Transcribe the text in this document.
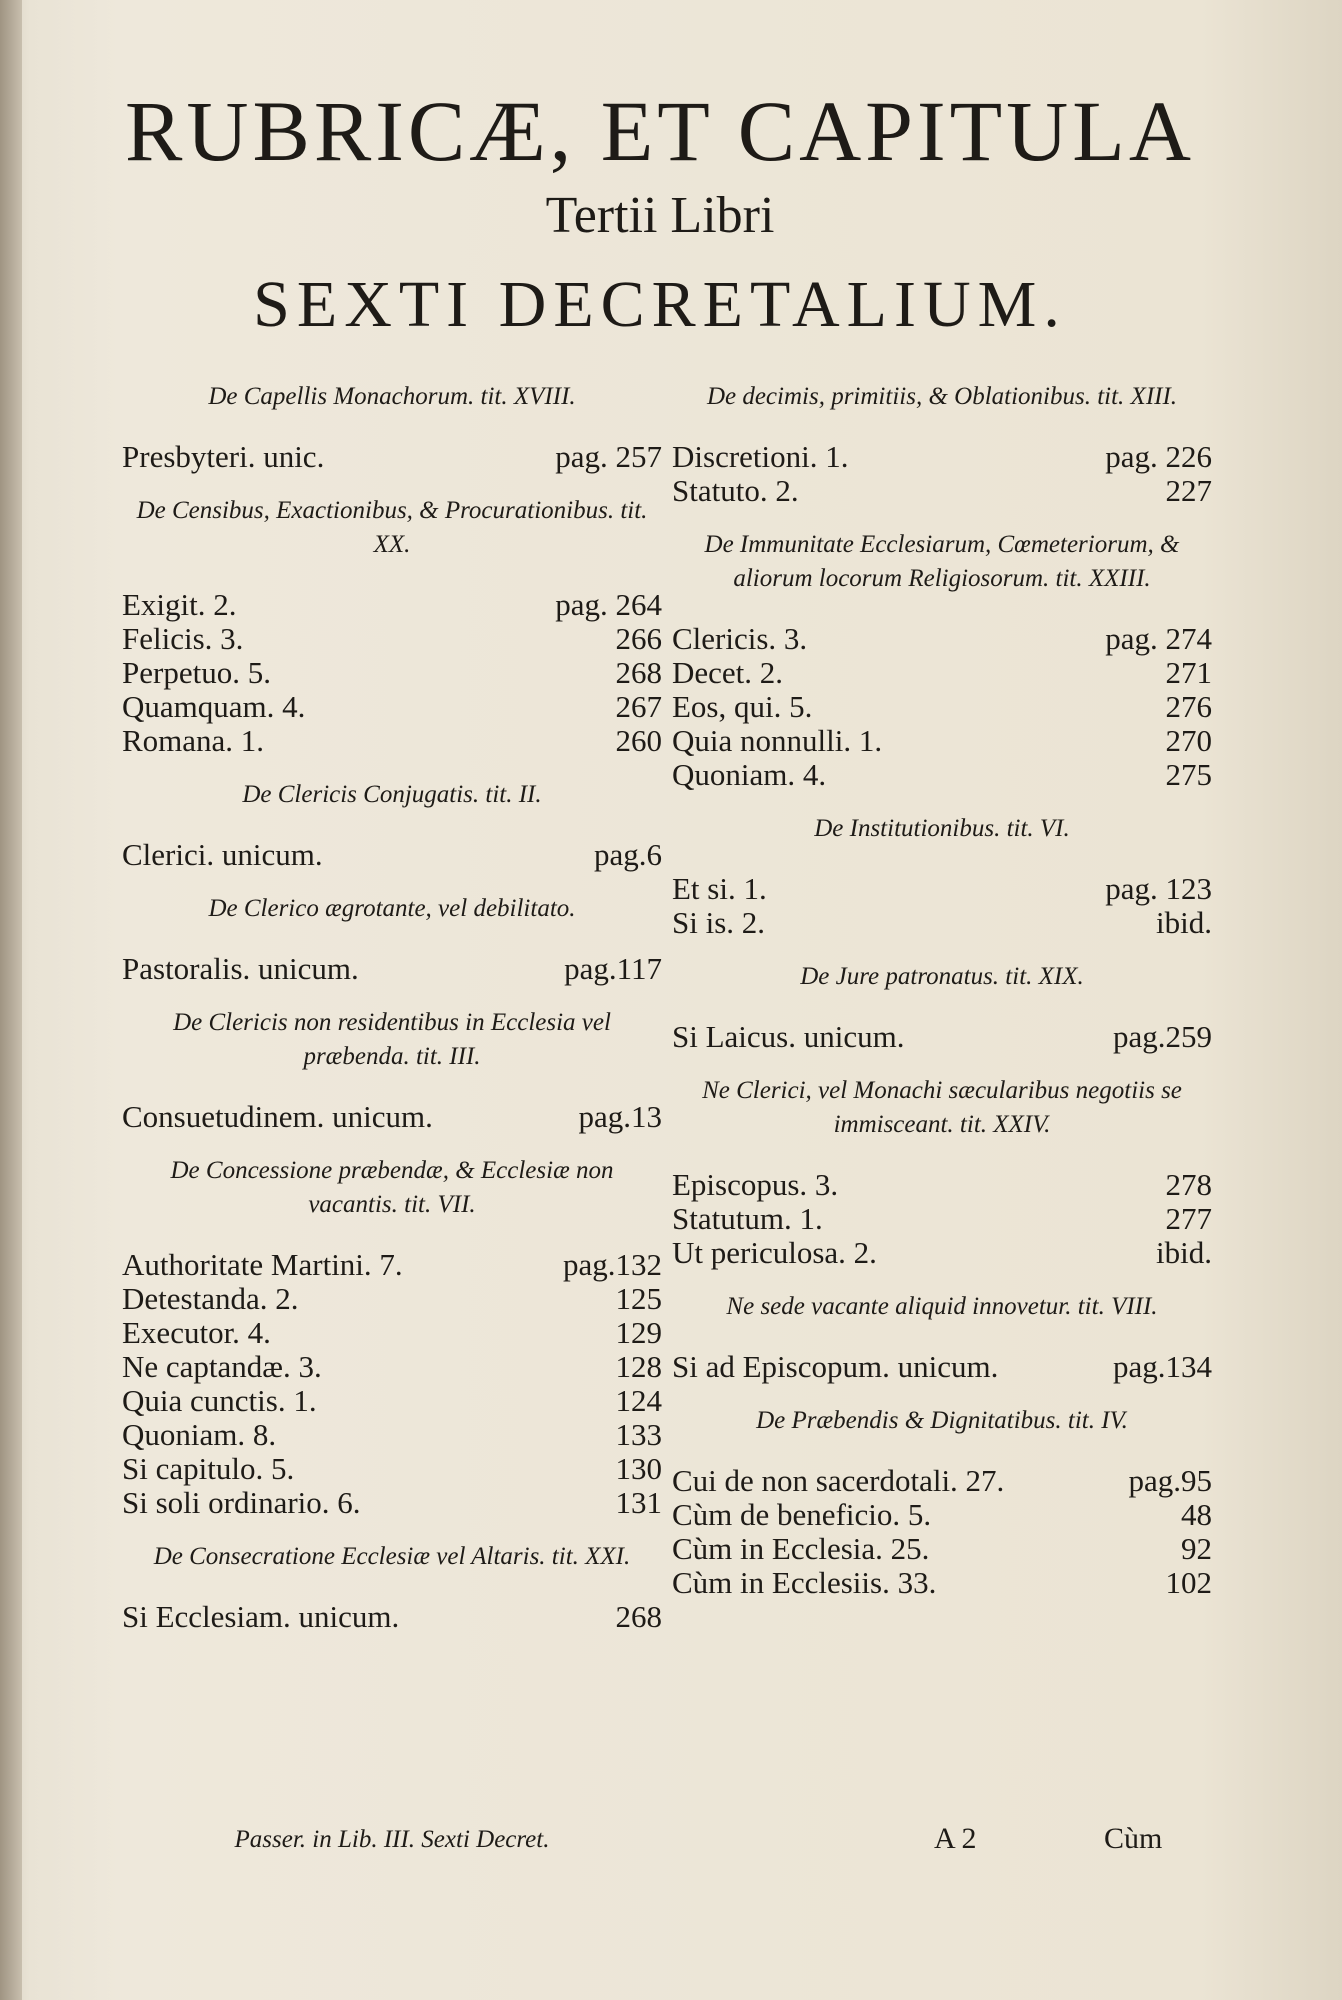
RUBRICÆ, ET CAPITULA
Tertii Libri
SEXTI DECRETALIUM.
De Capellis Monachorum. tit. XVIII.
Presbyteri. unic.	pag. 257
De Censibus, Exactionibus, & Procurationibus. tit. XX.
Exigit. 2.	pag. 264
Felicis. 3.	266
Perpetuo. 5.	268
Quamquam. 4.	267
Romana. 1.	260
De Clericis Conjugatis. tit. II.
Clerici. unicum.	pag.6
De Clerico ægrotante, vel debilitato.
Pastoralis. unicum.	pag.117
De Clericis non residentibus in Ecclesia vel præbenda. tit. III.
Consuetudinem. unicum.	pag.13
De Concessione præbendæ, & Ecclesiæ non vacantis. tit. VII.
Authoritate Martini. 7.	pag.132
Detestanda. 2.	125
Executor. 4.	129
Ne captandæ. 3.	128
Quia cunctis. 1.	124
Quoniam. 8.	133
Si capitulo. 5.	130
Si soli ordinario. 6.	131
De Consecratione Ecclesiæ vel Altaris. tit. XXI.
Si Ecclesiam. unicum.	268
De decimis, primitiis, & Oblationibus. tit. XIII.
Discretioni. 1.	pag. 226
Statuto. 2.	227
De Immunitate Ecclesiarum, Cœmeteriorum, & aliorum locorum Religiosorum. tit. XXIII.
Clericis. 3.	pag. 274
Decet. 2.	271
Eos, qui. 5.	276
Quia nonnulli. 1.	270
Quoniam. 4.	275
De Institutionibus. tit. VI.
Et si. 1.	pag. 123
Si is. 2.	ibid.
De Jure patronatus. tit. XIX.
Si Laicus. unicum.	pag.259
Ne Clerici, vel Monachi sæcularibus negotiis se immisceant. tit. XXIV.
Episcopus. 3.	278
Statutum. 1.	277
Ut periculosa. 2.	ibid.
Ne sede vacante aliquid innovetur. tit. VIII.
Si ad Episcopum. unicum.	pag.134
De Præbendis & Dignitatibus. tit. IV.
Cui de non sacerdotali. 27.	pag.95
Cùm de beneficio. 5.	48
Cùm in Ecclesia. 25.	92
Cùm in Ecclesiis. 33.	102
Passer. in Lib. III. Sexti Decret.	A 2	Cùm
